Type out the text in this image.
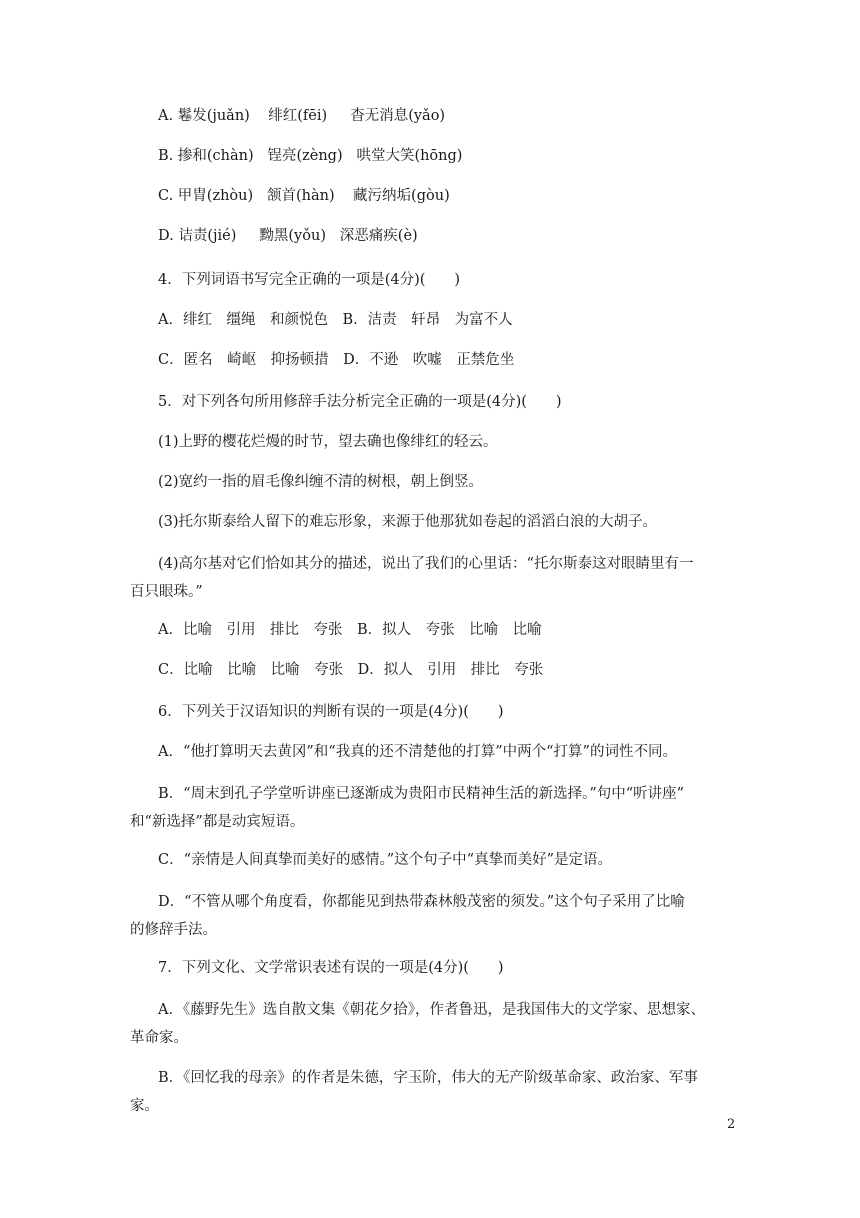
A. 鬈发(juǎn)    绯红(fēi)     杳无消息(yǎo)
B. 掺和(chàn)   锃亮(zèng)   哄堂大笑(hōng)
C. 甲胄(zhòu)   颔首(hàn)    藏污纳垢(gòu)
D. 诘责(jié)     黝黑(yǒu)   深恶痛疾(è)
4．下列词语书写完全正确的一项是(4分)(　　)
A．绯红　缰绳　和颜悦色　B．洁责　轩昂　为富不人
C．匿名　崎岖　抑扬顿措　D．不逊　吹嘘　正禁危坐
5．对下列各句所用修辞手法分析完全正确的一项是(4分)(　　)
(1)上野的樱花烂熳的时节，望去确也像绯红的轻云。
(2)宽约一指的眉毛像纠缠不清的树根，朝上倒竖。
(3)托尔斯泰给人留下的难忘形象，来源于他那犹如卷起的滔滔白浪的大胡子。
(4)高尔基对它们恰如其分的描述，说出了我们的心里话：“托尔斯泰这对眼睛里有一
百只眼珠。”
A．比喻　引用　排比　夸张　B．拟人　夸张　比喻　比喻
C．比喻　比喻　比喻　夸张　D．拟人　引用　排比　夸张
6．下列关于汉语知识的判断有误的一项是(4分)(　　)
A．“他打算明天去黄冈”和“我真的还不清楚他的打算”中两个“打算”的词性不同。
B．“周末到孔子学堂听讲座已逐渐成为贵阳市民精神生活的新选择。”句中“听讲座”
和“新选择”都是动宾短语。
C．“亲情是人间真挚而美好的感情。”这个句子中“真挚而美好”是定语。
D．“不管从哪个角度看，你都能见到热带森林般茂密的须发。”这个句子采用了比喻
的修辞手法。
7．下列文化、文学常识表述有误的一项是(4分)(　　)
A．《藤野先生》选自散文集《朝花夕拾》，作者鲁迅，是我国伟大的文学家、思想家、
革命家。
B．《回忆我的母亲》的作者是朱德，字玉阶，伟大的无产阶级革命家、政治家、军事
家。
2
